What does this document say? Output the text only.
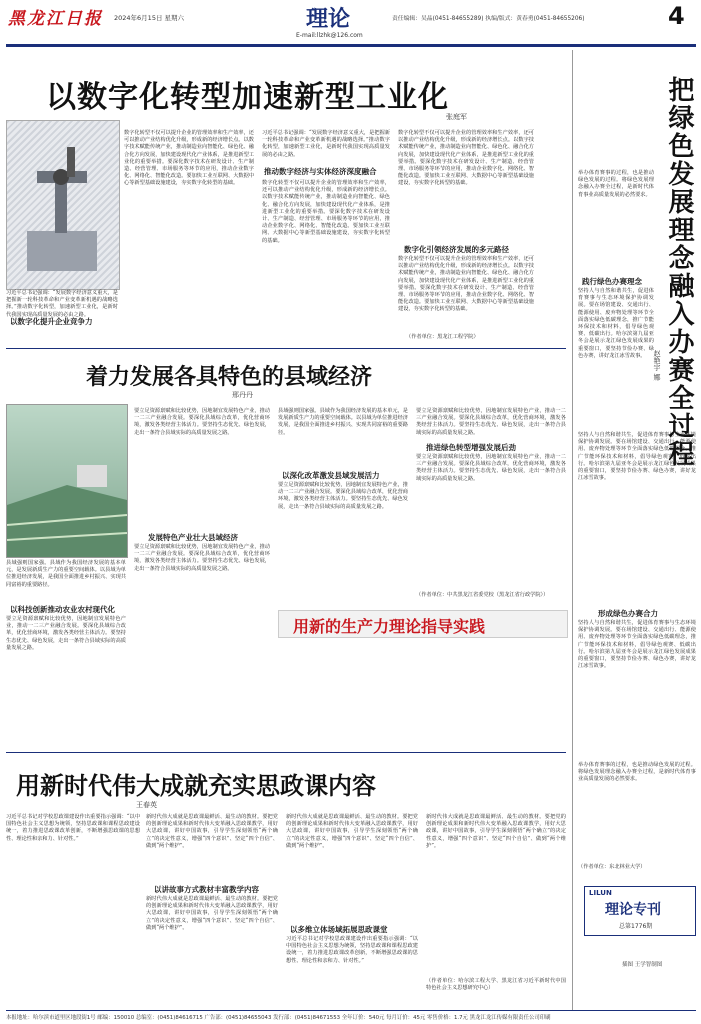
黑龙江日报 2024年6月15日 星期六	理论
E-mail:llzhk@126.com
责任编辑：吴晶(0451-84655289) 执编/版式：黄春勇(0451-84655206)	4
以数字化转型加速新型工业化
张庭军
习近平总书记强调：“发展数字经济意义重大，是把握新一轮科技革命和产业变革新机遇的战略选择。”推动数字化转型，加速新型工业化，是新时代我国实现高质量发展的必由之路。
以数字化提升企业竞争力
数字化转型不仅可以提升企业的管理效率和生产效率，还可以推动产业结构优化升级，形成新的经济增长点。以数字技术赋能传统产业，推动制造业向智能化、绿色化、融合化方向发展，加快建设现代化产业体系，是推进新型工业化的重要举措。要深化数字技术在研发设计、生产制造、经营管理、市场服务等环节的应用，推动企业数字化、网络化、智能化改造。要加快工业互联网、大数据中心等新型基础设施建设，夯实数字化转型的基础。
推动数字经济与实体经济深度融合
数字化转型不仅可以提升企业的管理效率和生产效率，还可以推动产业结构优化升级，形成新的经济增长点。以数字技术赋能传统产业，推动制造业向智能化、绿色化、融合化方向发展，加快建设现代化产业体系，是推进新型工业化的重要举措。要深化数字技术在研发设计、生产制造、经营管理、市场服务等环节的应用，推动企业数字化、网络化、智能化改造。要加快工业互联网、大数据中心等新型基础设施建设，夯实数字化转型的基础。
习近平总书记强调：“发展数字经济意义重大，是把握新一轮科技革命和产业变革新机遇的战略选择。”推动数字化转型，加速新型工业化，是新时代我国实现高质量发展的必由之路。
数字化转型不仅可以提升企业的管理效率和生产效率，还可以推动产业结构优化升级，形成新的经济增长点。以数字技术赋能传统产业，推动制造业向智能化、绿色化、融合化方向发展，加快建设现代化产业体系，是推进新型工业化的重要举措。要深化数字技术在研发设计、生产制造、经营管理、市场服务等环节的应用，推动企业数字化、网络化、智能化改造。要加快工业互联网、大数据中心等新型基础设施建设，夯实数字化转型的基础。
数字化引领经济发展的多元路径
数字化转型不仅可以提升企业的管理效率和生产效率，还可以推动产业结构优化升级，形成新的经济增长点。以数字技术赋能传统产业，推动制造业向智能化、绿色化、融合化方向发展，加快建设现代化产业体系，是推进新型工业化的重要举措。要深化数字技术在研发设计、生产制造、经营管理、市场服务等环节的应用，推动企业数字化、网络化、智能化改造。要加快工业互联网、大数据中心等新型基础设施建设，夯实数字化转型的基础。
（作者单位：黑龙江工程学院）
着力发展各具特色的县域经济
邢丹丹
县域强则国家强。县域作为我国经济发展的基本单元，是发展新质生产力的重要空间载体。以县域为单位推进经济发展，是我国全面推进乡村振兴、实现共同富裕的重要路径。
以科技创新推动农业农村现代化
要立足资源禀赋和比较优势，因地制宜发展特色产业，推动一二三产业融合发展。要深化县域综合改革，优化营商环境，激发各类经营主体活力。要坚持生态优先、绿色发展，走出一条符合县域实际的高质量发展之路。
要立足资源禀赋和比较优势，因地制宜发展特色产业，推动一二三产业融合发展。要深化县域综合改革，优化营商环境，激发各类经营主体活力。要坚持生态优先、绿色发展，走出一条符合县域实际的高质量发展之路。
发展特色产业壮大县域经济
要立足资源禀赋和比较优势，因地制宜发展特色产业，推动一二三产业融合发展。要深化县域综合改革，优化营商环境，激发各类经营主体活力。要坚持生态优先、绿色发展，走出一条符合县域实际的高质量发展之路。
县域强则国家强。县域作为我国经济发展的基本单元，是发展新质生产力的重要空间载体。以县域为单位推进经济发展，是我国全面推进乡村振兴、实现共同富裕的重要路径。
以深化改革激发县域发展活力
要立足资源禀赋和比较优势，因地制宜发展特色产业，推动一二三产业融合发展。要深化县域综合改革，优化营商环境，激发各类经营主体活力。要坚持生态优先、绿色发展，走出一条符合县域实际的高质量发展之路。
要立足资源禀赋和比较优势，因地制宜发展特色产业，推动一二三产业融合发展。要深化县域综合改革，优化营商环境，激发各类经营主体活力。要坚持生态优先、绿色发展，走出一条符合县域实际的高质量发展之路。
推进绿色转型增强发展后劲
要立足资源禀赋和比较优势，因地制宜发展特色产业，推动一二三产业融合发展。要深化县域综合改革，优化营商环境，激发各类经营主体活力。要坚持生态优先、绿色发展，走出一条符合县域实际的高质量发展之路。
（作者单位：中共黑龙江省委党校（黑龙江省行政学院））
用新的生产力理论指导实践
用新时代伟大成就充实思政课内容
王春英
习近平总书记对学校思政课建设作出重要指示强调：“以中国特色社会主义思想为统领，坚持思政课和课程思政建设统一，着力推进思政课改革创新，不断增强思政课的思想性、理论性和亲和力、针对性。”
新时代伟大成就是思政课最鲜活、最生动的教材。要把党的创新理论成果和新时代伟大变革融入思政课教学，用好大思政课，讲好中国故事，引导学生深刻领悟“两个确立”的决定性意义，增强“四个意识”、坚定“四个自信”、做到“两个维护”。
以讲故事方式教材丰富教学内容
新时代伟大成就是思政课最鲜活、最生动的教材。要把党的创新理论成果和新时代伟大变革融入思政课教学，用好大思政课，讲好中国故事，引导学生深刻领悟“两个确立”的决定性意义，增强“四个意识”、坚定“四个自信”、做到“两个维护”。
新时代伟大成就是思政课最鲜活、最生动的教材。要把党的创新理论成果和新时代伟大变革融入思政课教学，用好大思政课，讲好中国故事，引导学生深刻领悟“两个确立”的决定性意义，增强“四个意识”、坚定“四个自信”、做到“两个维护”。
以多维立体场域拓展思政课堂
习近平总书记对学校思政课建设作出重要指示强调：“以中国特色社会主义思想为统领，坚持思政课和课程思政建设统一，着力推进思政课改革创新，不断增强思政课的思想性、理论性和亲和力、针对性。”
新时代伟大成就是思政课最鲜活、最生动的教材。要把党的创新理论成果和新时代伟大变革融入思政课教学，用好大思政课，讲好中国故事，引导学生深刻领悟“两个确立”的决定性意义，增强“四个意识”、坚定“四个自信”、做到“两个维护”。
（作者单位：哈尔滨工程大学、黑龙江省习近平新时代中国特色社会主义思想研究中心）
把绿色发展理念融入办赛全过程
赵艳宇 娜
举办体育赛事的过程，也是推动绿色发展的过程。将绿色发展理念融入办赛全过程，是新时代体育事业高质量发展的必然要求。
践行绿色办赛理念
坚持人与自然和谐共生，促进体育赛事与生态环境保护协调发展。要在场馆建设、交通出行、能源使用、废弃物处理等环节全面落实绿色低碳理念，推广节能环保技术和材料，倡导绿色观赛、低碳出行。哈尔滨第九届亚冬会是展示龙江绿色发展成果的重要窗口，要坚持节俭办赛、绿色办赛，讲好龙江冰雪故事。
坚持人与自然和谐共生，促进体育赛事与生态环境保护协调发展。要在场馆建设、交通出行、能源使用、废弃物处理等环节全面落实绿色低碳理念，推广节能环保技术和材料，倡导绿色观赛、低碳出行。哈尔滨第九届亚冬会是展示龙江绿色发展成果的重要窗口，要坚持节俭办赛、绿色办赛，讲好龙江冰雪故事。
形成绿色办赛合力
坚持人与自然和谐共生，促进体育赛事与生态环境保护协调发展。要在场馆建设、交通出行、能源使用、废弃物处理等环节全面落实绿色低碳理念，推广节能环保技术和材料，倡导绿色观赛、低碳出行。哈尔滨第九届亚冬会是展示龙江绿色发展成果的重要窗口，要坚持节俭办赛、绿色办赛，讲好龙江冰雪故事。
举办体育赛事的过程，也是推动绿色发展的过程。将绿色发展理念融入办赛全过程，是新时代体育事业高质量发展的必然要求。
（作者单位：东北林业大学）
LILUN
理论专刊
总第1776期
插图 王学智制图
本报地址：哈尔滨市道里区地段街1号 邮编：150010 总编室：(0451)84616715 广告部：(0451)84655043 发行部：(0451)84671553 全年订价：540元 每月订价：45元 零售价格：1.7元 黑龙江龙江传媒有限责任公司印刷
